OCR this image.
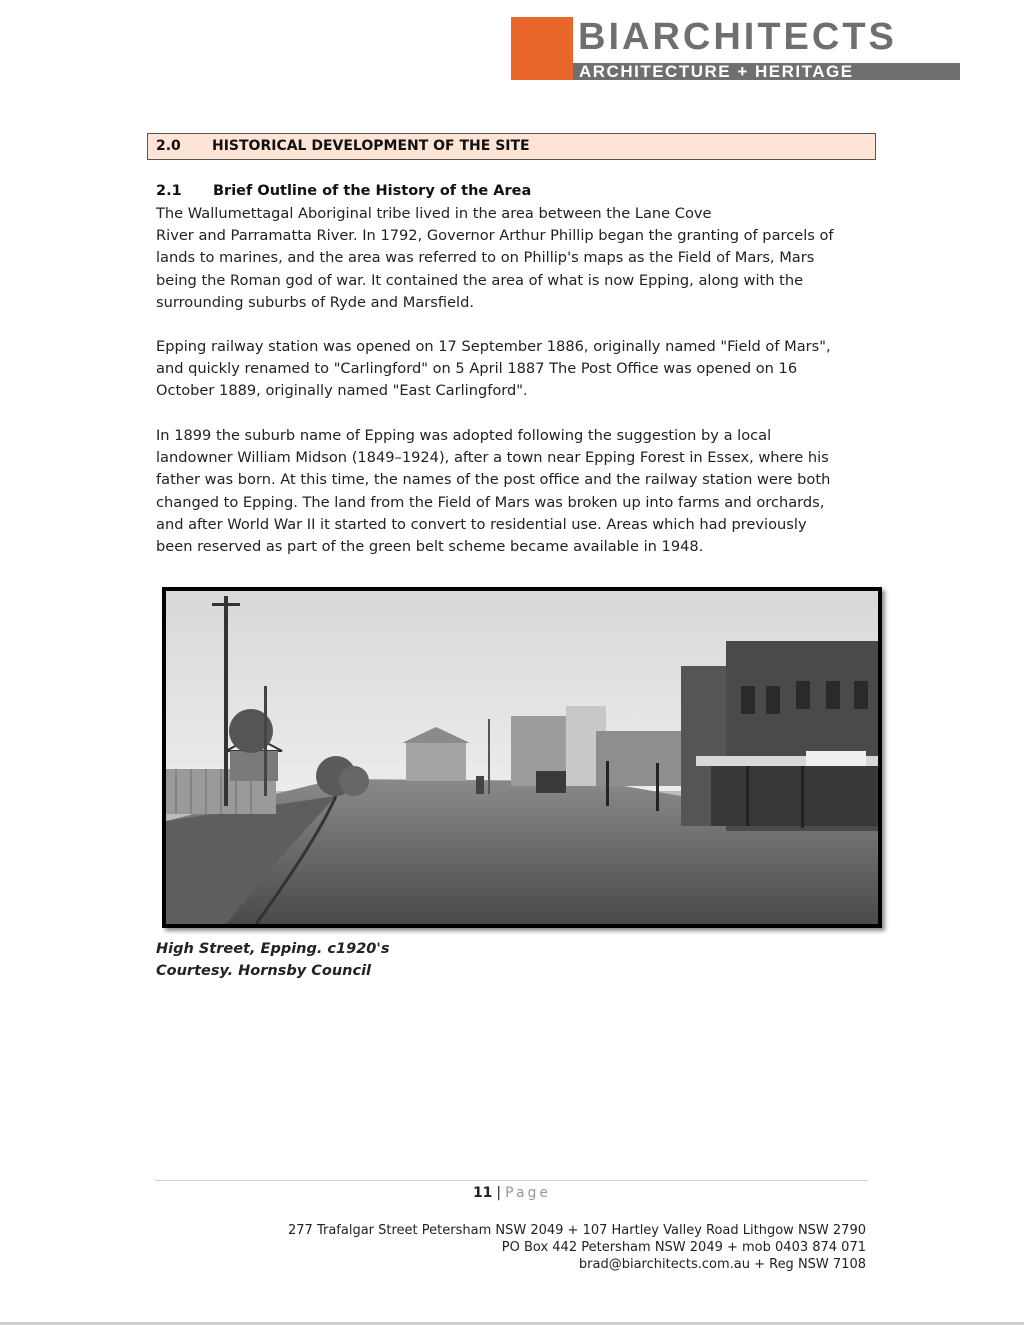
BIARCHITECTS
ARCHITECTURE + HERITAGE
2.0 HISTORICAL DEVELOPMENT OF THE SITE
2.1 Brief Outline of the History of the Area
The Wallumettagal Aboriginal tribe lived in the area between the Lane Cove
River and Parramatta River. In 1792, Governor Arthur Phillip began the granting of parcels of
lands to marines, and the area was referred to on Phillip's maps as the Field of Mars, Mars
being the Roman god of war. It contained the area of what is now Epping, along with the
surrounding suburbs of Ryde and Marsfield.
Epping railway station was opened on 17 September 1886, originally named "Field of Mars",
and quickly renamed to "Carlingford" on 5 April 1887 The Post Office was opened on 16
October 1889, originally named "East Carlingford".
In 1899 the suburb name of Epping was adopted following the suggestion by a local
landowner William Midson (1849–1924), after a town near Epping Forest in Essex, where his
father was born. At this time, the names of the post office and the railway station were both
changed to Epping. The land from the Field of Mars was broken up into farms and orchards,
and after World War II it started to convert to residential use. Areas which had previously
been reserved as part of the green belt scheme became available in 1948.
High Street, Epping. c1920's
Courtesy. Hornsby Council
11 | Page
277 Trafalgar Street Petersham NSW 2049 + 107 Hartley Valley Road Lithgow NSW 2790
PO Box 442 Petersham NSW 2049 + mob 0403 874 071
brad@biarchitects.com.au + Reg NSW 7108
